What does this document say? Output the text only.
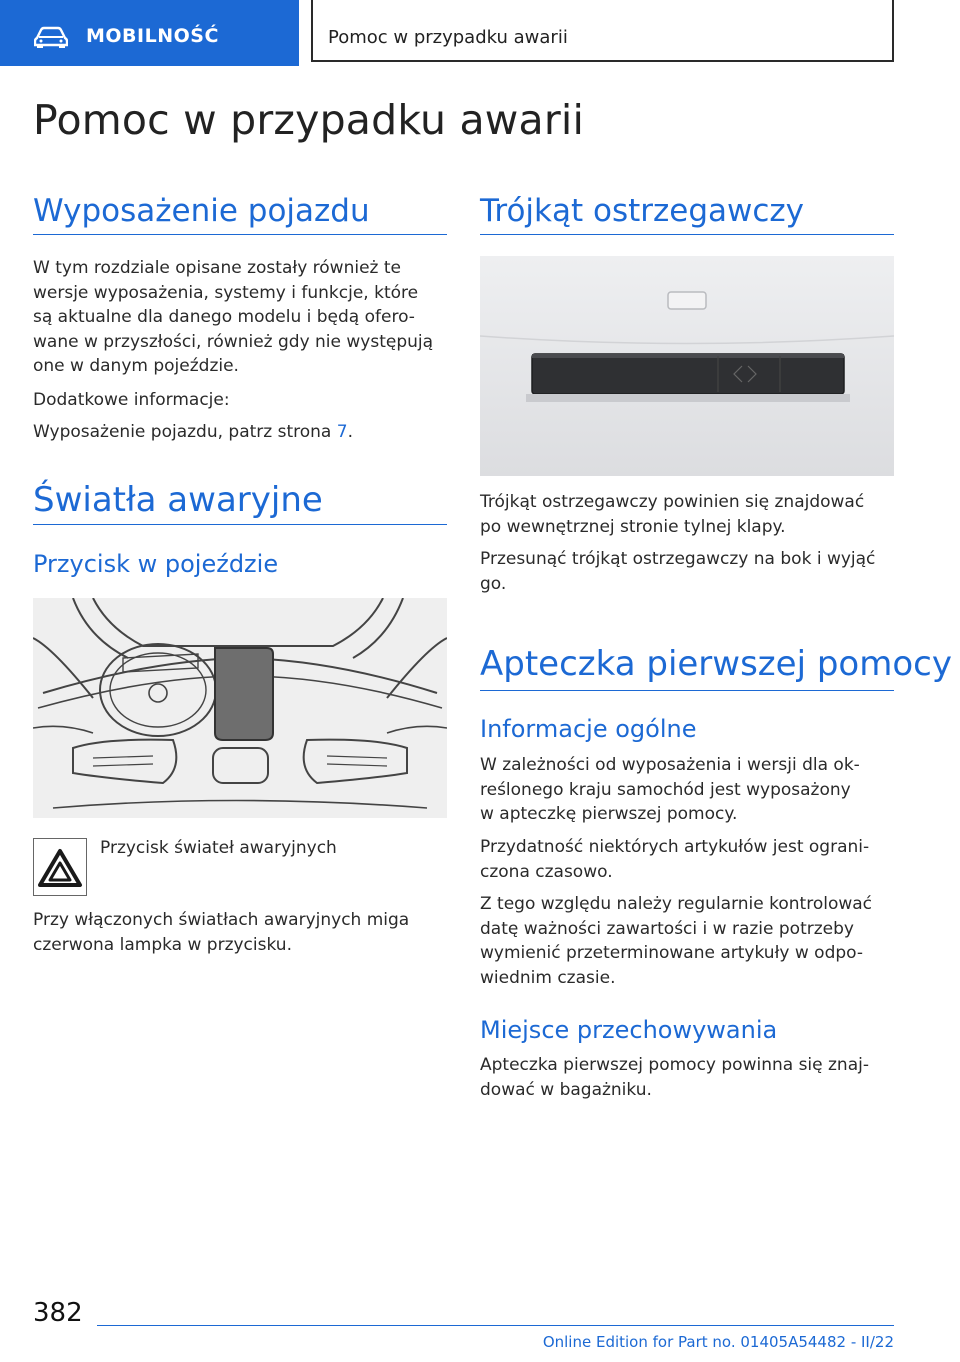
MOBILNOŚĆ	Pomoc w przypadku awarii
Pomoc w przypadku awarii
Wyposażenie pojazdu
W tym rozdziale opisane zostały również te
wersje wyposażenia, systemy i funkcje, które
są aktualne dla danego modelu i będą ofero-
wane w przyszłości, również gdy nie występują
one w danym pojeździe.
Dodatkowe informacje:
Wyposażenie pojazdu, patrz strona 7.
Światła awaryjne
Przycisk w pojeździe
Przycisk świateł awaryjnych
Przy włączonych światłach awaryjnych miga
czerwona lampka w przycisku.
Trójkąt ostrzegawczy
Trójkąt ostrzegawczy powinien się znajdować
po wewnętrznej stronie tylnej klapy.
Przesunąć trójkąt ostrzegawczy na bok i wyjąć
go.
Apteczka pierwszej pomocy
Informacje ogólne
W zależności od wyposażenia i wersji dla ok-
reślonego kraju samochód jest wyposażony
w apteczkę pierwszej pomocy.
Przydatność niektórych artykułów jest ograni-
czona czasowo.
Z tego względu należy regularnie kontrolować
datę ważności zawartości i w razie potrzeby
wymienić przeterminowane artykuły w odpo-
wiednim czasie.
Miejsce przechowywania
Apteczka pierwszej pomocy powinna się znaj-
dować w bagażniku.
382
Online Edition for Part no. 01405A54482 - II/22
